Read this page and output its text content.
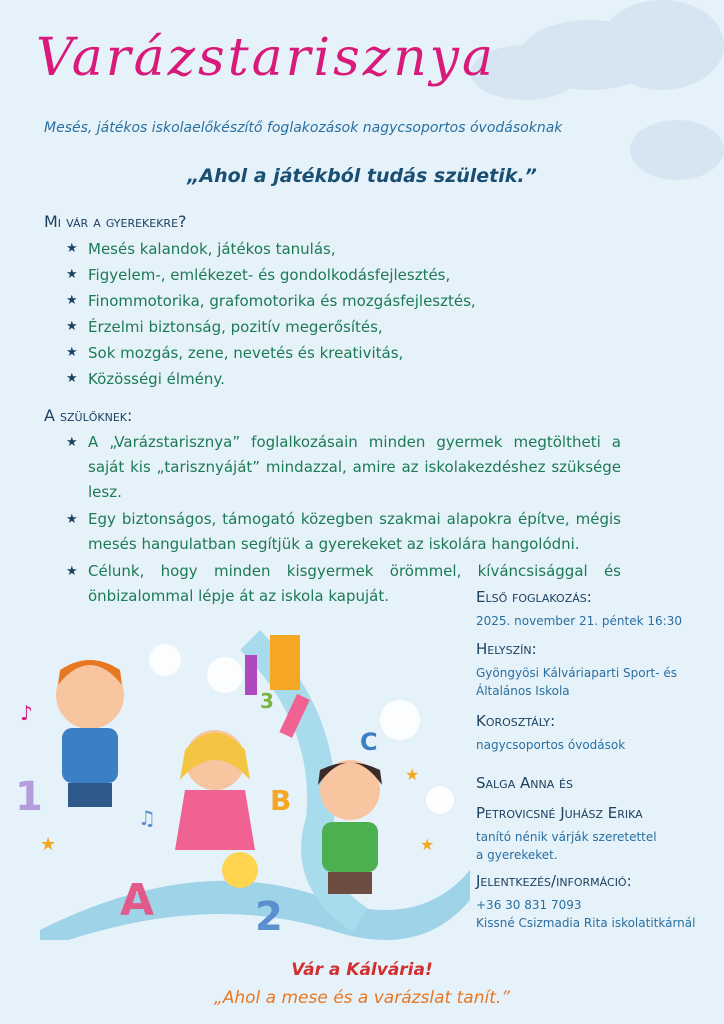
Varázstarisznya
Mesés, játékos iskolaelőkészítő foglakozások nagycsoportos óvodásoknak
„Ahol a játékból tudás születik.”
Mi vár a gyerekekre?
★ Mesés kalandok, játékos tanulás,
★ Figyelem-, emlékezet- és gondolkodásfejlesztés,
★ Finommotorika, grafomotorika és mozgásfejlesztés,
★ Érzelmi biztonság, pozitív megerősítés,
★ Sok mozgás, zene, nevetés és kreativitás,
★ Közösségi élmény.
A szülőknek:
★ A „Varázstarisznya” foglalkozásain minden gyermek megtöltheti a saját kis „tarisznyáját” mindazzal, amire az iskolakezdéshez szüksége lesz.
★ Egy biztonságos, támogató közegben szakmai alapokra építve, mégis mesés hangulatban segítjük a gyerekeket az iskolára hangolódni.
★ Célunk, hogy minden kisgyermek örömmel, kíváncsisággal és önbizalommal lépje át az iskola kapuját.
A
B
C
1
2
3
★
★
★
♪
♫
Első foglakozás:
2025. november 21. péntek 16:30
Helyszín:
Gyöngyösi Kálváriaparti Sport- és
Általános Iskola
Korosztály:
nagycsoportos óvodások
Salga Anna és
Petrovicsné Juhász Erika
tanító nénik várják szeretettel
a gyerekeket.
Jelentkezés/információ:
+36 30 831 7093
Kissné Csizmadia Rita iskolatitkárnál
Vár a Kálvária!
„Ahol a mese és a varázslat tanít.”
